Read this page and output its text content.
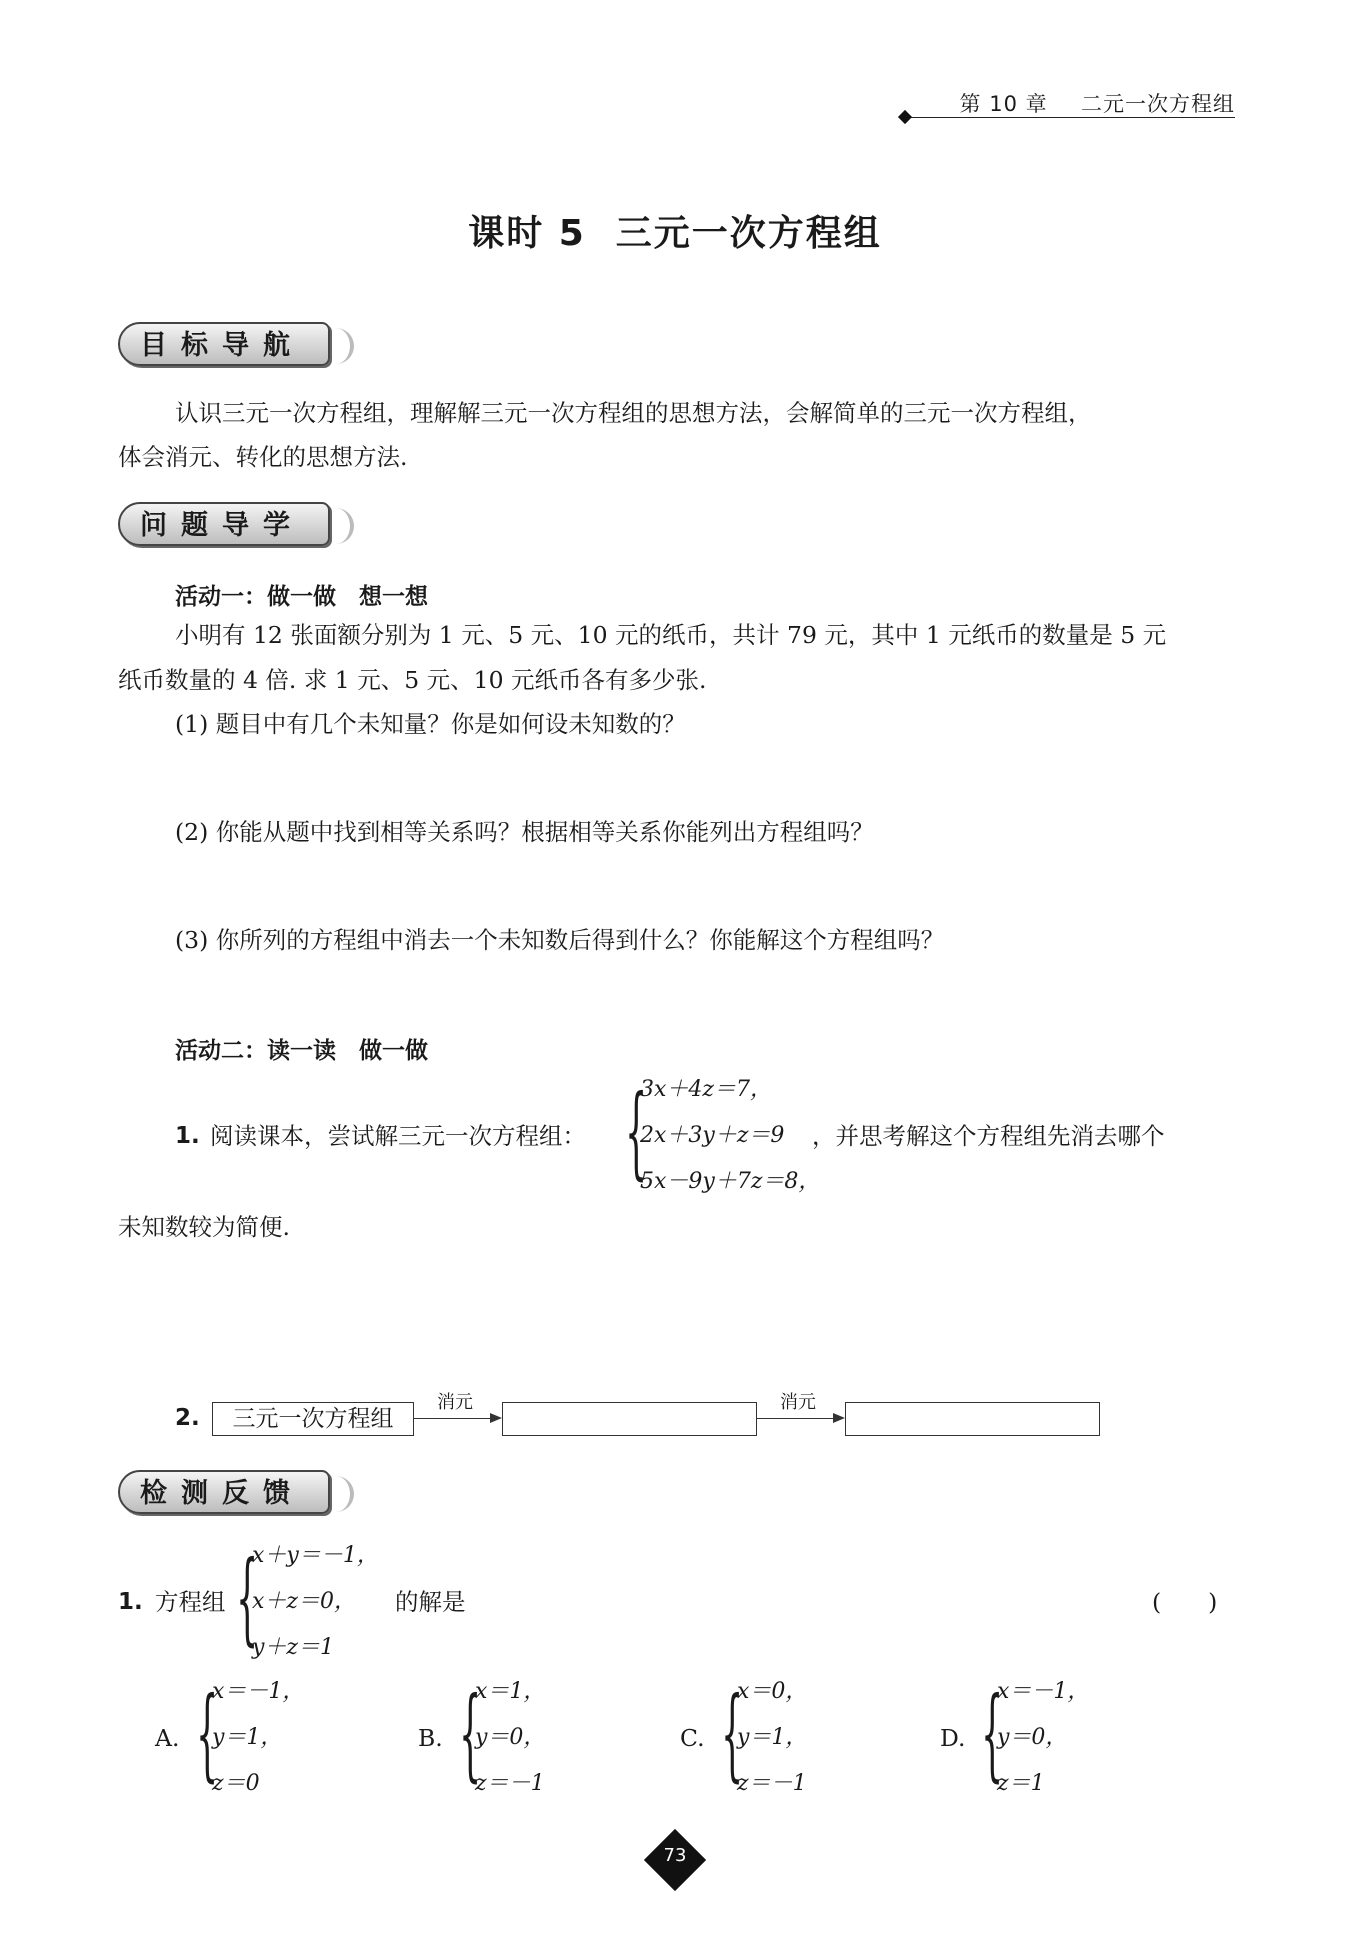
第 10 章 二元一次方程组
课时 5 三元一次方程组
目标导航
认识三元一次方程组，理解解三元一次方程组的思想方法，会解简单的三元一次方程组，
体会消元、转化的思想方法.
问题导学
活动一：做一做　想一想
小明有 12 张面额分别为 1 元、5 元、10 元的纸币，共计 79 元，其中 1 元纸币的数量是 5 元
纸币数量的 4 倍. 求 1 元、5 元、10 元纸币各有多少张.
(1) 题目中有几个未知量？你是如何设未知数的？
(2) 你能从题中找到相等关系吗？根据相等关系你能列出方程组吗？
(3) 你所列的方程组中消去一个未知数后得到什么？你能解这个方程组吗？
活动二：读一读　做一做
1. 阅读课本，尝试解三元一次方程组： {
3x＋4z＝7，
2x＋3y＋z＝9 ，并思考解这个方程组先消去哪个
5x－9y＋7z＝8，
未知数较为简便.
2.	三元一次方程组
消元	消元
检测反馈
1. 方程组 {
x＋y＝－1，
x＋z＝0，
y＋z＝1
的解是	(　　)
A. {
x＝－1，
y＝1，
z＝0
B. {
x＝1，
y＝0，
z＝－1
C. {
x＝0，
y＝1，
z＝－1
D. {
x＝－1，
y＝0，
z＝1
73
